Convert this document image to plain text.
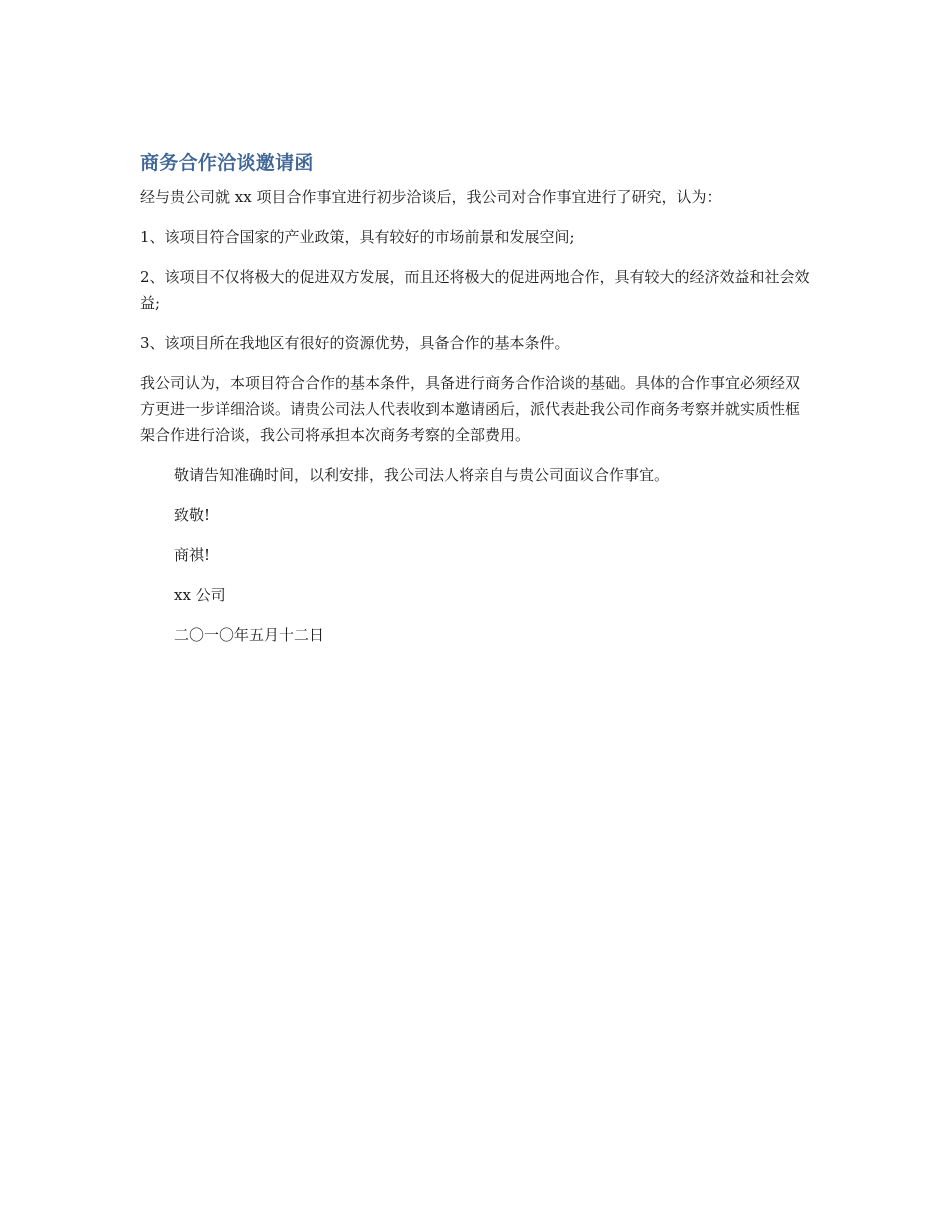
商务合作洽谈邀请函

经与贵公司就 xx 项目合作事宜进行初步洽谈后，我公司对合作事宜进行了研究，认为：

1、该项目符合国家的产业政策，具有较好的市场前景和发展空间;

2、该项目不仅将极大的促进双方发展，而且还将极大的促进两地合作，具有较大的经济效益和社会效益;

3、该项目所在我地区有很好的资源优势，具备合作的基本条件。

我公司认为，本项目符合合作的基本条件，具备进行商务合作洽谈的基础。具体的合作事宜必须经双方更进一步详细洽谈。请贵公司法人代表收到本邀请函后，派代表赴我公司作商务考察并就实质性框架合作进行洽谈，我公司将承担本次商务考察的全部费用。

敬请告知准确时间，以利安排，我公司法人将亲自与贵公司面议合作事宜。

致敬!

商祺!

xx 公司

二〇一〇年五月十二日
